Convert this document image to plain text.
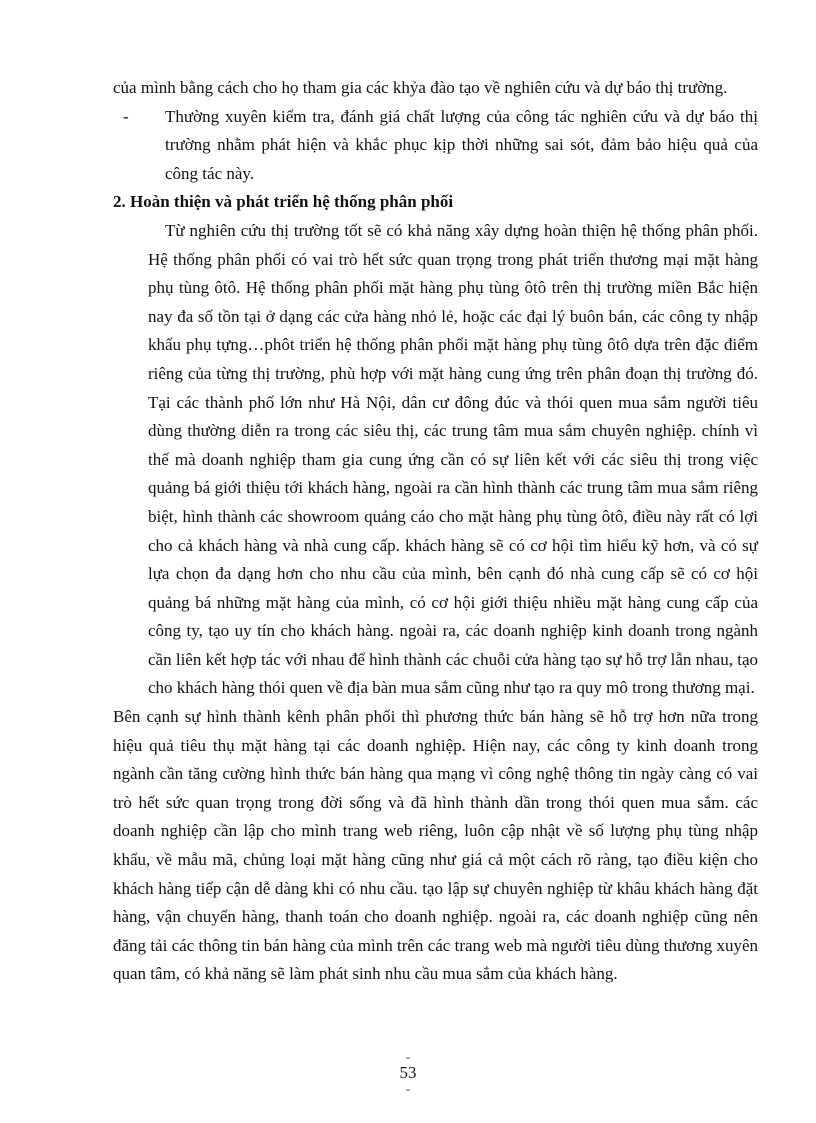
của mình bằng cách cho họ tham gia các khỷa đào tạo về nghiên cứu và dự báo thị trường.

- Thường xuyên kiểm tra, đánh giá chất lượng của công tác nghiên cứu và dự báo thị trường nhằm phát hiện và khắc phục kịp thời những sai sót, đảm bảo hiệu quả của công tác này.

2. Hoàn thiện và phát triển hệ thống phân phối

Từ nghiên cứu thị trường tốt sẽ có khả năng xây dựng hoàn thiện hệ thống phân phối. Hệ thống phân phối có vai trò hết sức quan trọng trong phát triển thương mại mặt hàng phụ tùng ôtô. Hệ thống phân phối mặt hàng phụ tùng ôtô trên thị trường miền Bắc hiện nay đa số tồn tại ở dạng các cửa hàng nhỏ lẻ, hoặc các đại lý buôn bán, các công ty nhập khẩu phụ tựng…phôt triển hệ thống phân phối mặt hàng phụ tùng ôtô dựa trên đặc điểm riêng của từng thị trường, phù hợp với mặt hàng cung ứng trên phân đoạn thị trường đó. Tại các thành phố lớn như Hà Nội, dân cư đông đúc và thói quen mua sắm người tiêu dùng thường diễn ra trong các siêu thị, các trung tâm mua sắm chuyên nghiệp. chính vì thế mà doanh nghiệp tham gia cung ứng cần có sự liên kết với các siêu thị trong việc quảng bá giới thiệu tới khách hàng, ngoài ra cần hình thành các trung tâm mua sắm riêng biệt, hình thành các showroom quảng cáo cho mặt hàng phụ tùng ôtô, điều này rất có lợi cho cả khách hàng và nhà cung cấp. khách hàng sẽ có cơ hội tìm hiểu kỹ hơn, và có sự lựa chọn đa dạng hơn cho nhu cầu của mình, bên cạnh đó nhà cung cấp sẽ có cơ hội quảng bá những mặt hàng của mình, có cơ hội giới thiệu nhiều mặt hàng cung cấp của công ty, tạo uy tín cho khách hàng. ngoài ra, các doanh nghiệp kinh doanh trong ngành cần liên kết hợp tác với nhau để hình thành các chuỗi cửa hàng tạo sự hỗ trợ lẫn nhau, tạo cho khách hàng thói quen về địa bàn mua sắm cũng như tạo ra quy mô trong thương mại.

Bên cạnh sự hình thành kênh phân phối thì phương thức bán hàng sẽ hỗ trợ hơn nữa trong hiệu quả tiêu thụ mặt hàng tại các doanh nghiệp. Hiện nay, các công ty kinh doanh trong ngành cần tăng cường hình thức bán hàng qua mạng vì công nghệ thông tin ngày càng có vai trò hết sức quan trọng trong đời sống và đã hình thành dần trong thói quen mua sắm. các doanh nghiệp cần lập cho mình trang web riêng, luôn cập nhật về số lượng phụ tùng nhập khẩu, về mẫu mã, chủng loại mặt hàng cũng như giá cả một cách rõ ràng, tạo điều kiện cho khách hàng tiếp cận dễ dàng khi có nhu cầu. tạo lập sự chuyên nghiệp từ khâu khách hàng đặt hàng, vận chuyển hàng, thanh toán cho doanh nghiệp. ngoài ra, các doanh nghiệp cũng nên đăng tải các thông tin bán hàng của mình trên các trang web mà người tiêu dùng thương xuyên quan tâm, có khả năng sẽ làm phát sinh nhu cầu mua sắm của khách hàng.

-
53
-
